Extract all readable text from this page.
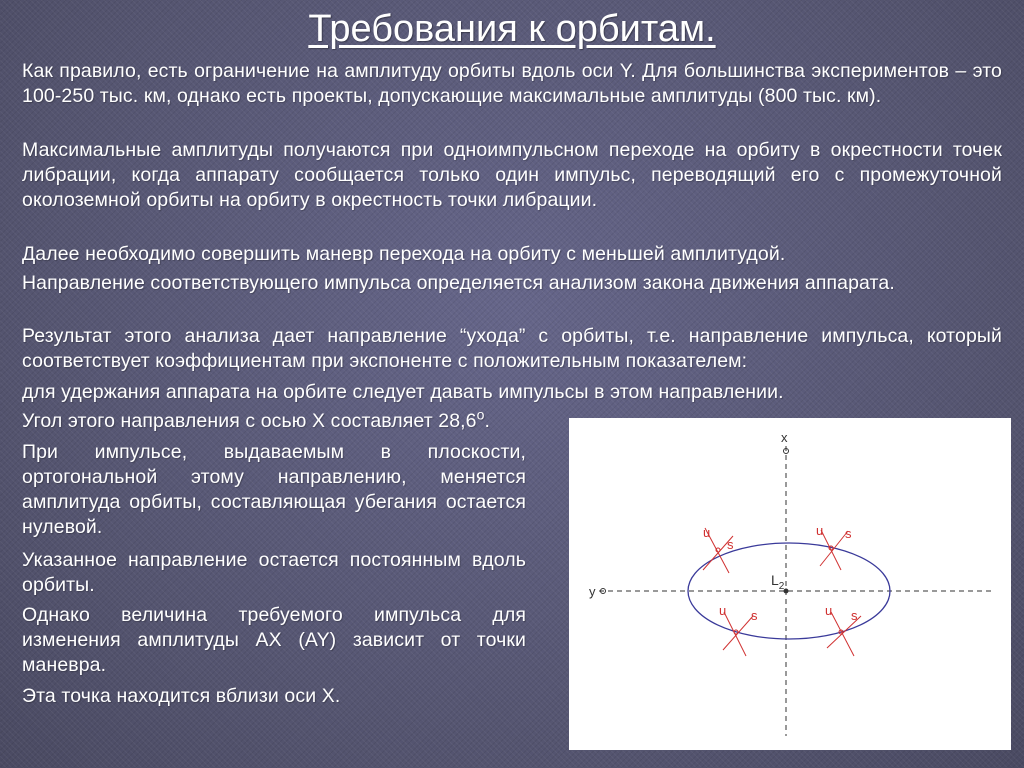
Требования к орбитам.
Как правило, есть ограничение на амплитуду орбиты вдоль оси Y. Для большинства экспериментов – это 100-250 тыс. км, однако есть проекты, допускающие максимальные амплитуды (800 тыс. км).
Максимальные амплитуды получаются при одноимпульсном переходе на орбиту в окрестности точек либрации, когда аппарату сообщается только один импульс, переводящий его с промежуточной околоземной орбиты на орбиту в окрестность точки либрации.
Далее необходимо совершить маневр перехода на орбиту с меньшей амплитудой.
Направление соответствующего импульса определяется анализом закона движения аппарата.
Результат этого анализа дает направление “ухода” с орбиты, т.е. направление импульса, который соответствует коэффициентам при экспоненте с положительным показателем:
для удержания аппарата на орбите следует давать импульсы в этом направлении.
Угол этого направления с осью X составляет $28,6^о$.
При импульсе, выдаваемым в плоскости, ортогональной этому направлению, меняется амплитуда орбиты, составляющая убегания остается нулевой.
Указанное направление остается постоянным вдоль орбиты.
Однако величина требуемого импульса для изменения амплитуды АХ (AY) зависит от точки маневра.
Эта точка находится вблизи оси X.
x
y
$L_2$
u
s
u s
u s	u s
